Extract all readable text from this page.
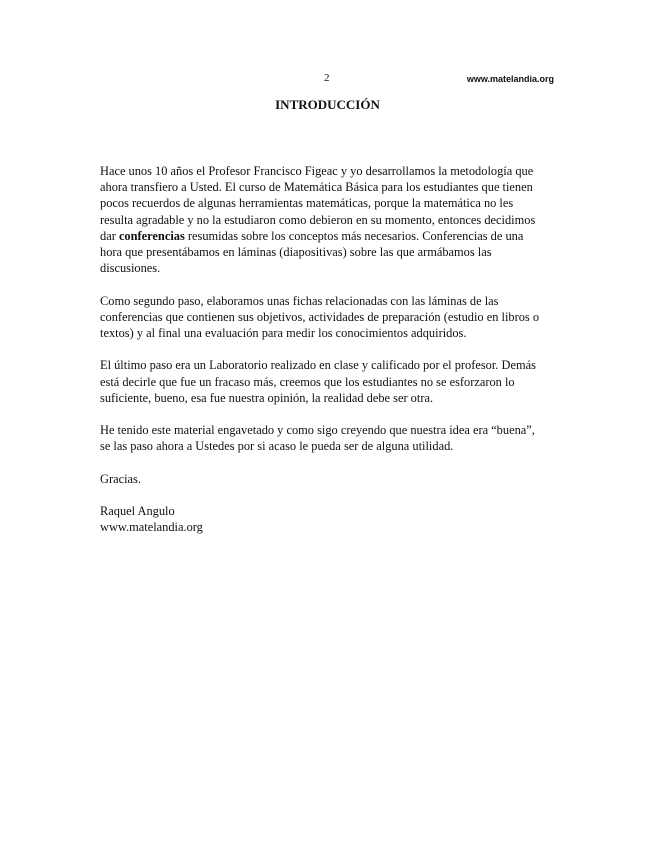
2	www.matelandia.org
INTRODUCCIÓN

Hace unos 10 años el Profesor Francisco Figeac y yo desarrollamos la metodología que ahora transfiero a Usted. El curso de Matemática Básica para los estudiantes que tienen pocos recuerdos de algunas herramientas matemáticas, porque la matemática no les resulta agradable y no la estudiaron como debieron en su momento, entonces decidimos dar conferencias resumidas sobre los conceptos más necesarios. Conferencias de una hora que presentábamos en láminas (diapositivas) sobre las que armábamos las discusiones.

Como segundo paso, elaboramos unas fichas relacionadas con las láminas de las conferencias que contienen sus objetivos, actividades de preparación (estudio en libros o textos) y al final una evaluación para medir los conocimientos adquiridos.

El último paso era un Laboratorio realizado en clase y calificado por el profesor. Demás está decirle que fue un fracaso más, creemos que los estudiantes no se esforzaron lo suficiente, bueno, esa fue nuestra opinión, la realidad debe ser otra.

He tenido este material engavetado y como sigo creyendo que nuestra idea era “buena”, se las paso ahora a Ustedes por si acaso le pueda ser de alguna utilidad.

Gracias.

Raquel Angulo
www.matelandia.org
